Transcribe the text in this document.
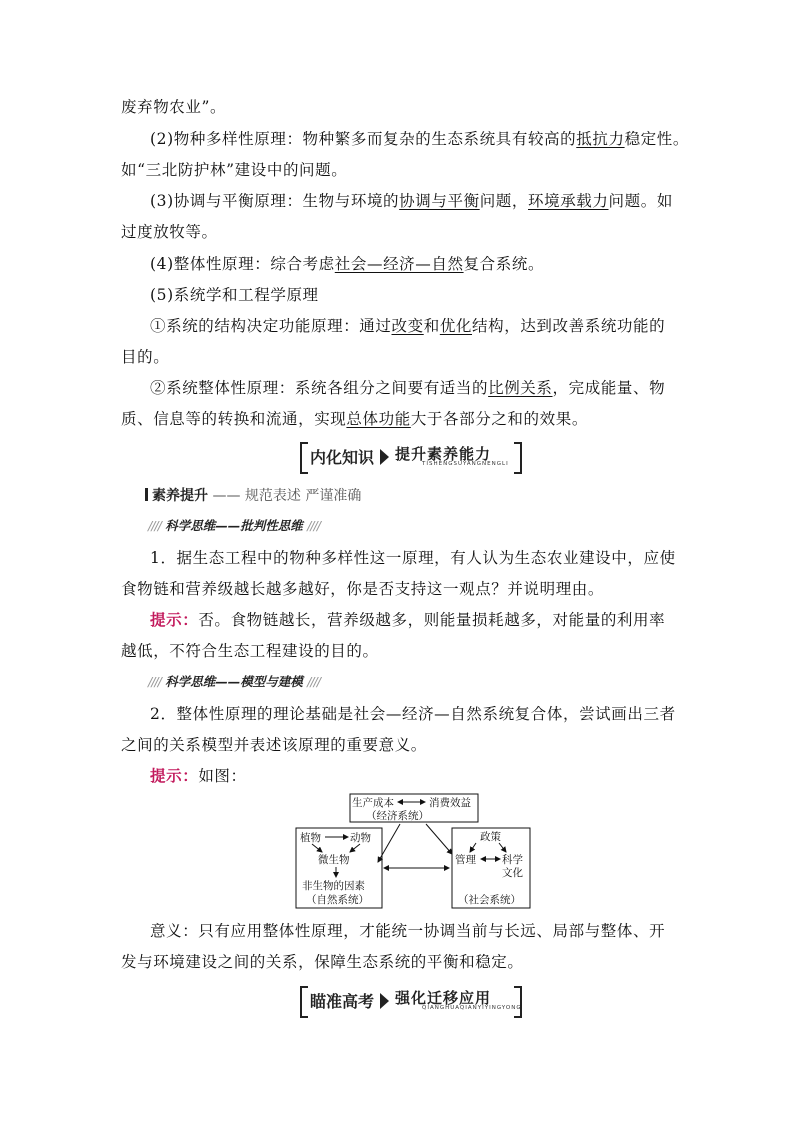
废弃物农业”。
(2)物种多样性原理：物种繁多而复杂的生态系统具有较高的抵抗力稳定性。
如“三北防护林”建设中的问题。
(3)协调与平衡原理：生物与环境的协调与平衡问题，环境承载力问题。如
过度放牧等。
(4)整体性原理：综合考虑社会—经济—自然复合系统。
(5)系统学和工程学原理
①系统的结构决定功能原理：通过改变和优化结构，达到改善系统功能的
目的。
②系统整体性原理：系统各组分之间要有适当的比例关系，完成能量、物
质、信息等的转换和流通，实现总体功能大于各部分之和的效果。
内化知识 提升素养能力
TISHENGSUYANGNENGLI
素养提升 —— 规范表述 严谨准确
//// 科学思维——批判性思维 ////
1．据生态工程中的物种多样性这一原理，有人认为生态农业建设中，应使
食物链和营养级越长越多越好，你是否支持这一观点？并说明理由。
提示：否。食物链越长，营养级越多，则能量损耗越多，对能量的利用率
越低，不符合生态工程建设的目的。
//// 科学思维——模型与建模 ////
2．整体性原理的理论基础是社会—经济—自然系统复合体，尝试画出三者
之间的关系模型并表述该原理的重要意义。
提示：如图：
生产成本	消费效益
（经济系统）
植物	动物
微生物
非生物的因素
（自然系统）
政策
管理 科学
文化
（社会系统）
意义：只有应用整体性原理，才能统一协调当前与长远、局部与整体、开
发与环境建设之间的关系，保障生态系统的平衡和稳定。
瞄准高考 强化迁移应用
QIANGHUAQIANYIYINGYONG
